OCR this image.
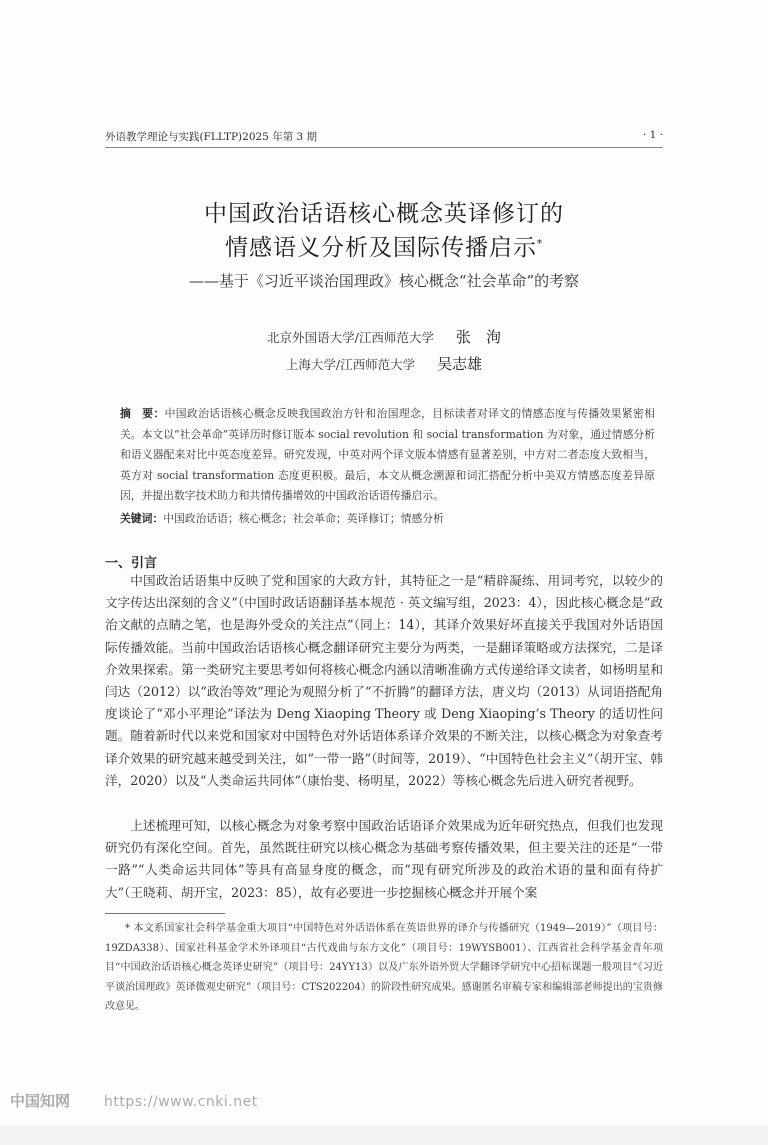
外语教学理论与实践(FLLTP)2025 年第 3 期	· 1 ·
中国政治话语核心概念英译修订的
情感语义分析及国际传播启示*
——基于《习近平谈治国理政》核心概念“社会革命”的考察
北京外国语大学/江西师范大学 张　洵
上海大学/江西师范大学 吴志雄
摘　要：中国政治话语核心概念反映我国政治方针和治国理念，目标读者对译文的情感态度与传播效果紧密相关。本文以“社会革命”英译历时修订版本 social revolution 和 social transformation 为对象，通过情感分析和语义器配来对比中英态度差异。研究发现，中英对两个译文版本情感有显著差别，中方对二者态度大致相当，英方对 social transformation 态度更积极。最后，本文从概念溯源和词汇搭配分析中美双方情感态度差异原因，并提出数字技术助力和共情传播增效的中国政治话语传播启示。
关键词：中国政治话语；核心概念；社会革命；英译修订；情感分析
一、引言

中国政治话语集中反映了党和国家的大政方针，其特征之一是“精辟凝练、用词考究，以较少的文字传达出深刻的含义”（中国时政话语翻译基本规范 · 英文编写组，2023：4），因此核心概念是“政治文献的点睛之笔，也是海外受众的关注点”（同上：14），其译介效果好坏直接关乎我国对外话语国际传播效能。当前中国政治话语核心概念翻译研究主要分为两类，一是翻译策略或方法探究，二是译介效果探索。第一类研究主要思考如何将核心概念内涵以清晰准确方式传递给译文读者，如杨明星和闫达（2012）以“政治等效”理论为观照分析了“不折腾”的翻译方法，唐义均（2013）从词语搭配角度谈论了“邓小平理论”译法为 Deng Xiaoping Theory 或 Deng Xiaoping’s Theory 的适切性问题。随着新时代以来党和国家对中国特色对外话语体系译介效果的不断关注，以核心概念为对象查考译介效果的研究越来越受到关注，如“一带一路”（时间等，2019）、“中国特色社会主义”（胡开宝、韩洋，2020）以及“人类命运共同体”（康怡斐、杨明星，2022）等核心概念先后进入研究者视野。

上述梳理可知，以核心概念为对象考察中国政治话语译介效果成为近年研究热点，但我们也发现研究仍有深化空间。首先，虽然既往研究以核心概念为基础考察传播效果，但主要关注的还是“一带一路”“人类命运共同体”等具有高显身度的概念，而“现有研究所涉及的政治术语的量和面有待扩大”（王晓莉、胡开宝，2023：85），故有必要进一步挖掘核心概念并开展个案

* 本文系国家社会科学基金重大项目“中国特色对外话语体系在英语世界的译介与传播研究（1949—2019）”（项目号：19ZDA338）、国家社科基金学术外译项目“古代戏曲与东方文化”（项目号：19WYSB001）、江西省社会科学基金青年项目“中国政治话语核心概念英译史研究”（项目号：24YY13）以及广东外语外贸大学翻译学研究中心招标课题一般项目“《习近平谈治国理政》英译微观史研究”（项目号：CTS202204）的阶段性研究成果。感谢匿名审稿专家和编辑部老师提出的宝贵修改意见。

中国知网 https://www.cnki.net
